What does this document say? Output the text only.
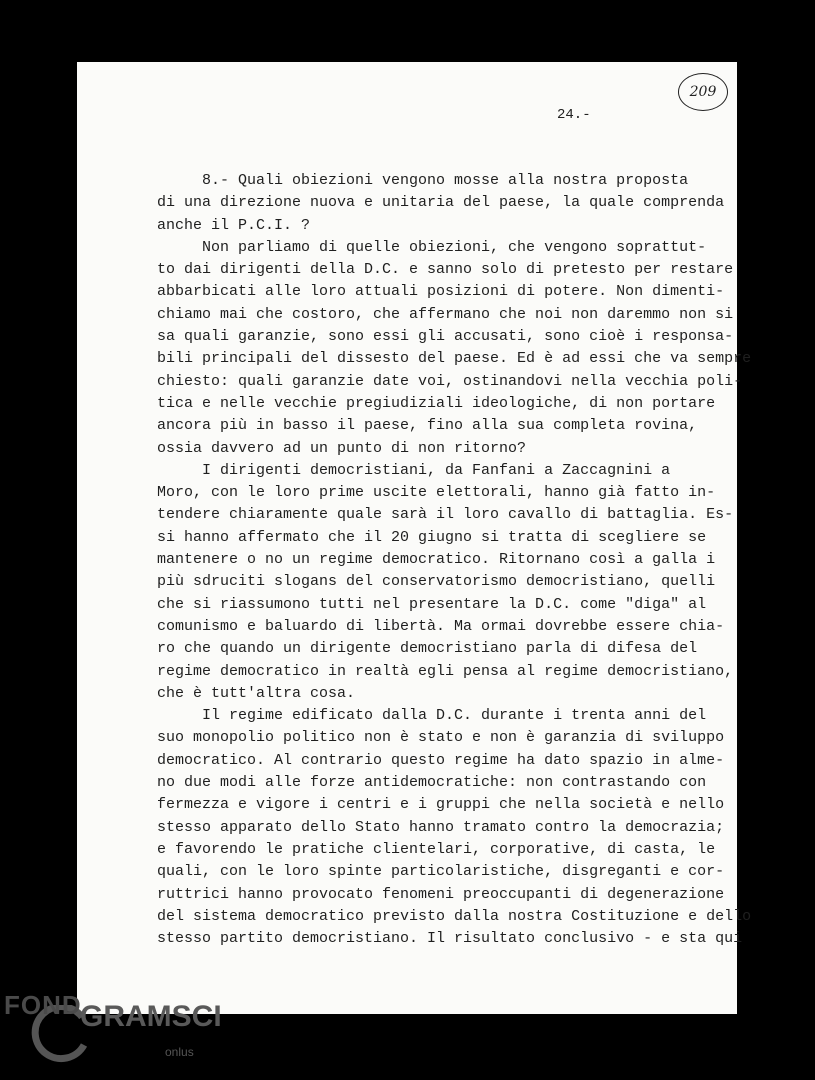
209
24.-
8.- Quali obiezioni vengono mosse alla nostra proposta
di una direzione nuova e unitaria del paese, la quale comprenda
anche il P.C.I. ?
Non parliamo di quelle obiezioni, che vengono soprattut-
to dai dirigenti della D.C. e sanno solo di pretesto per restare
abbarbicati alle loro attuali posizioni di potere. Non dimenti-
chiamo mai che costoro, che affermano che noi non daremmo non si
sa quali garanzie, sono essi gli accusati, sono cioè i responsa-
bili principali del dissesto del paese. Ed è ad essi che va sempre
chiesto: quali garanzie date voi, ostinandovi nella vecchia poli-
tica e nelle vecchie pregiudiziali ideologiche, di non portare
ancora più in basso il paese, fino alla sua completa rovina,
ossia davvero ad un punto di non ritorno?
I dirigenti democristiani, da Fanfani a Zaccagnini a
Moro, con le loro prime uscite elettorali, hanno già fatto in-
tendere chiaramente quale sarà il loro cavallo di battaglia. Es-
si hanno affermato che il 20 giugno si tratta di scegliere se
mantenere o no un regime democratico. Ritornano così a galla i
più sdruciti slogans del conservatorismo democristiano, quelli
che si riassumono tutti nel presentare la D.C. come "diga" al
comunismo e baluardo di libertà. Ma ormai dovrebbe essere chia-
ro che quando un dirigente democristiano parla di difesa del
regime democratico in realtà egli pensa al regime democristiano,
che è tutt'altra cosa.
Il regime edificato dalla D.C. durante i trenta anni del
suo monopolio politico non è stato e non è garanzia di sviluppo
democratico. Al contrario questo regime ha dato spazio in alme-
no due modi alle forze antidemocratiche: non contrastando con
fermezza e vigore i centri e i gruppi che nella società e nello
stesso apparato dello Stato hanno tramato contro la democrazia;
e favorendo le pratiche clientelari, corporative, di casta, le
quali, con le loro spinte particolaristiche, disgreganti e cor-
ruttrici hanno provocato fenomeni preoccupanti di degenerazione
del sistema democratico previsto dalla nostra Costituzione e dello
stesso partito democristiano. Il risultato conclusivo - e sta qui
FOND
GRAMSCI
onlus
